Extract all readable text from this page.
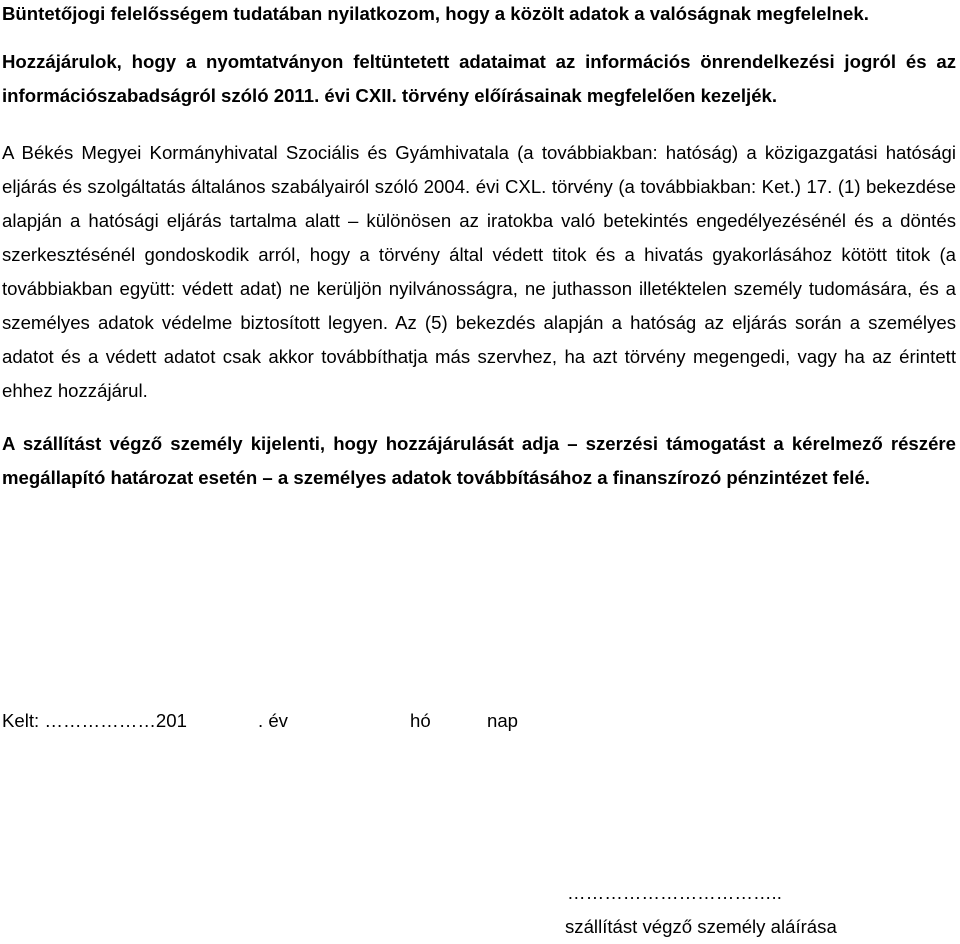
Büntetőjogi felelősségem tudatában nyilatkozom, hogy a közölt adatok a valóságnak megfelelnek.

Hozzájárulok, hogy a nyomtatványon feltüntetett adataimat az információs önrendelkezési jogról és az információszabadságról szóló 2011. évi CXII. törvény előírásainak megfelelően kezeljék.

A Békés Megyei Kormányhivatal Szociális és Gyámhivatala (a továbbiakban: hatóság) a közigazgatási hatósági eljárás és szolgáltatás általános szabályairól szóló 2004. évi CXL. törvény (a továbbiakban: Ket.) 17. (1) bekezdése alapján a hatósági eljárás tartalma alatt – különösen az iratokba való betekintés engedélyezésénél és a döntés szerkesztésénél gondoskodik arról, hogy a törvény által védett titok és a hivatás gyakorlásához kötött titok (a továbbiakban együtt: védett adat) ne kerüljön nyilvánosságra, ne juthasson illetéktelen személy tudomására, és a személyes adatok védelme biztosított legyen. Az (5) bekezdés alapján a hatóság az eljárás során a személyes adatot és a védett adatot csak akkor továbbíthatja más szervhez, ha azt törvény megengedi, vagy ha az érintett ehhez hozzájárul.

A szállítást végző személy kijelenti, hogy hozzájárulását adja – szerzési támogatást a kérelmező részére megállapító határozat esetén – a személyes adatok továbbításához a finanszírozó pénzintézet felé.

Kelt: ………………201	. év	hó	nap
……………………………..
szállítást végző személy aláírása
